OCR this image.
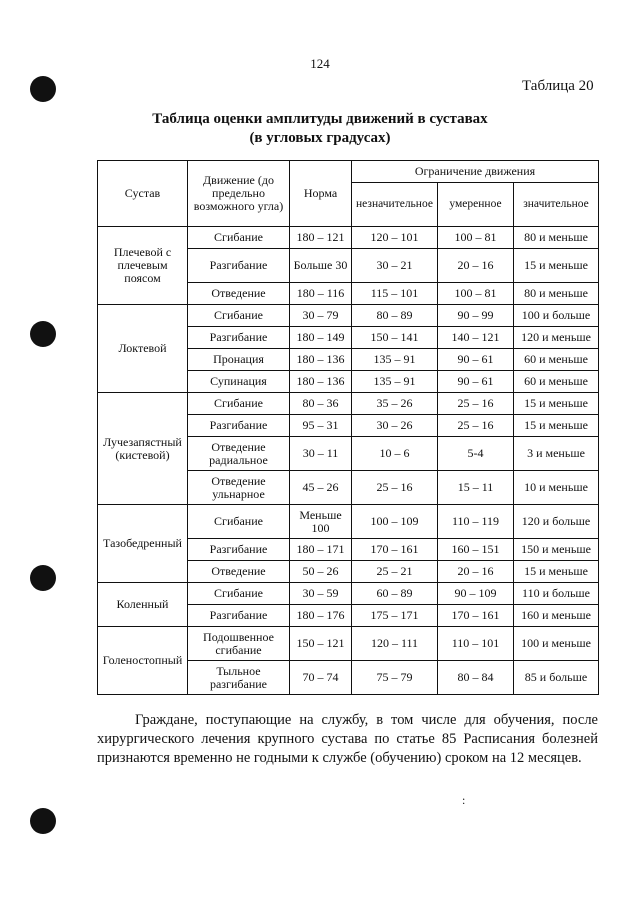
124
Таблица 20
Таблица оценки амплитуды движений в суставах
(в угловых градусах)
Сустав	Движение (до предельно возможного угла)	Норма	Ограничение движения		
			незначительное	умеренное	значительное
Плечевой с плечевым поясом	Сгибание	180 – 121	120 – 101	100 – 81	80 и меньше
	Разгибание	Больше 30	30 – 21	20 – 16	15 и меньше
	Отведение	180 – 116	115 – 101	100 – 81	80 и меньше
Локтевой	Сгибание	30 – 79	80 – 89	90 – 99	100 и больше
	Разгибание	180 – 149	150 – 141	140 – 121	120 и меньше
	Пронация	180 – 136	135 – 91	90 – 61	60 и меньше
	Супинация	180 – 136	135 – 91	90 – 61	60 и меньше
Лучезапястный (кистевой)	Сгибание	80 – 36	35 – 26	25 – 16	15 и меньше
	Разгибание	95 – 31	30 – 26	25 – 16	15 и меньше
	Отведение радиальное	30 – 11	10 – 6	5-4	3 и меньше
	Отведение ульнарное	45 – 26	25 – 16	15 – 11	10 и меньше
Тазобедренный	Сгибание	Меньше 100	100 – 109	110 – 119	120 и больше
	Разгибание	180 – 171	170 – 161	160 – 151	150 и меньше
	Отведение	50 – 26	25 – 21	20 – 16	15 и меньше
Коленный	Сгибание	30 – 59	60 – 89	90 – 109	110 и больше
	Разгибание	180 – 176	175 – 171	170 – 161	160 и меньше
Голеностопный	Подошвенное сгибание	150 – 121	120 – 111	110 – 101	100 и меньше
	Тыльное разгибание	70 – 74	75 – 79	80 – 84	85 и больше

Граждане, поступающие на службу, в том числе для обучения, после хирургического лечения крупного сустава по статье 85 Расписания болезней признаются временно не годными к службе (обучению) сроком на 12 месяцев.

:
